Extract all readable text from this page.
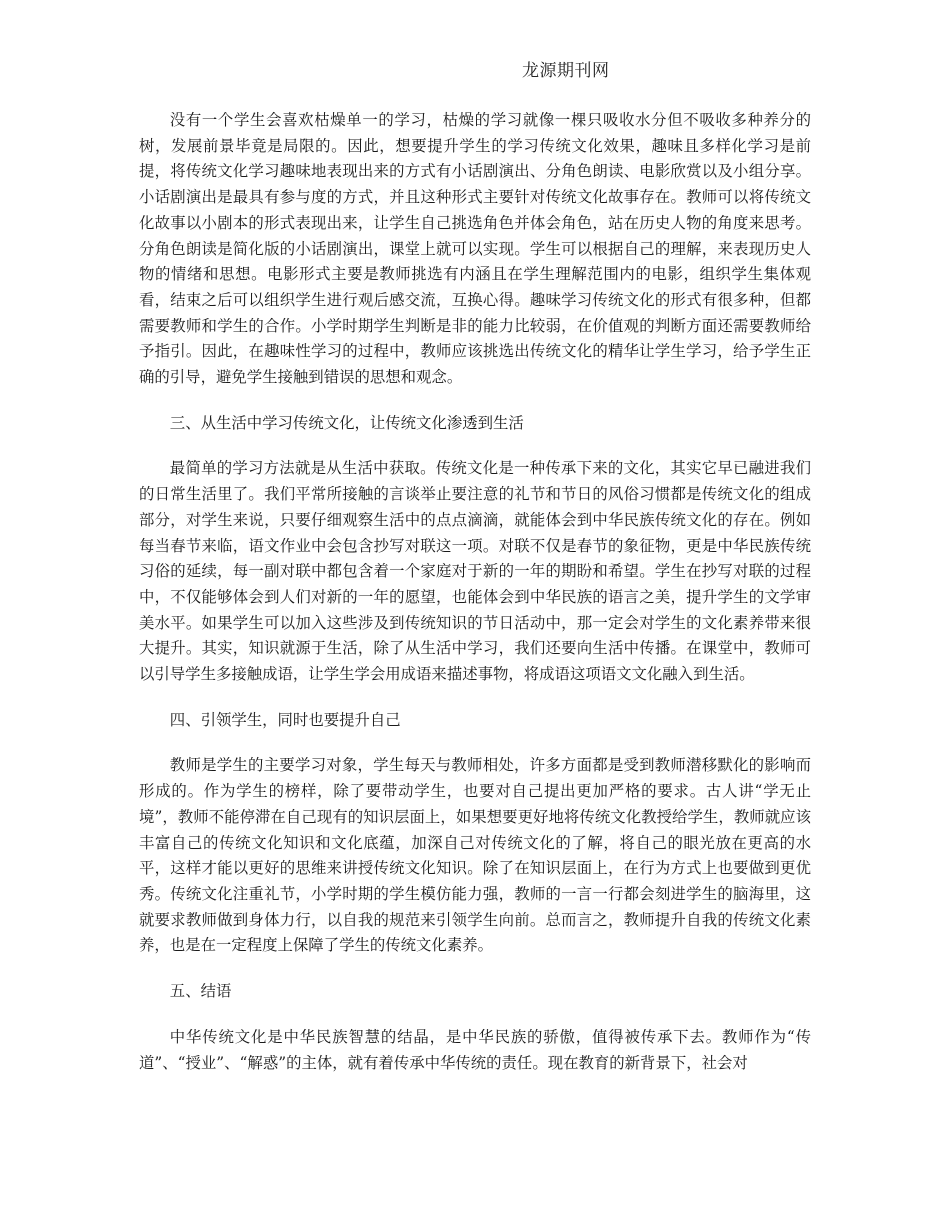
龙源期刊网

没有一个学生会喜欢枯燥单一的学习，枯燥的学习就像一棵只吸收水分但不吸收多种养分的树，发展前景毕竟是局限的。因此，想要提升学生的学习传统文化效果，趣味且多样化学习是前提，将传统文化学习趣味地表现出来的方式有小话剧演出、分角色朗读、电影欣赏以及小组分享。小话剧演出是最具有参与度的方式，并且这种形式主要针对传统文化故事存在。教师可以将传统文化故事以小剧本的形式表现出来，让学生自己挑选角色并体会角色，站在历史人物的角度来思考。分角色朗读是简化版的小话剧演出，课堂上就可以实现。学生可以根据自己的理解，来表现历史人物的情绪和思想。电影形式主要是教师挑选有内涵且在学生理解范围内的电影，组织学生集体观看，结束之后可以组织学生进行观后感交流，互换心得。趣味学习传统文化的形式有很多种，但都需要教师和学生的合作。小学时期学生判断是非的能力比较弱，在价值观的判断方面还需要教师给予指引。因此，在趣味性学习的过程中，教师应该挑选出传统文化的精华让学生学习，给予学生正确的引导，避免学生接触到错误的思想和观念。

三、从生活中学习传统文化，让传统文化渗透到生活

最简单的学习方法就是从生活中获取。传统文化是一种传承下来的文化，其实它早已融进我们的日常生活里了。我们平常所接触的言谈举止要注意的礼节和节日的风俗习惯都是传统文化的组成部分，对学生来说，只要仔细观察生活中的点点滴滴，就能体会到中华民族传统文化的存在。例如每当春节来临，语文作业中会包含抄写对联这一项。对联不仅是春节的象征物，更是中华民族传统习俗的延续，每一副对联中都包含着一个家庭对于新的一年的期盼和希望。学生在抄写对联的过程中，不仅能够体会到人们对新的一年的愿望，也能体会到中华民族的语言之美，提升学生的文学审美水平。如果学生可以加入这些涉及到传统知识的节日活动中，那一定会对学生的文化素养带来很大提升。其实，知识就源于生活，除了从生活中学习，我们还要向生活中传播。在课堂中，教师可以引导学生多接触成语，让学生学会用成语来描述事物，将成语这项语文文化融入到生活。

四、引领学生，同时也要提升自己

教师是学生的主要学习对象，学生每天与教师相处，许多方面都是受到教师潜移默化的影响而形成的。作为学生的榜样，除了要带动学生，也要对自己提出更加严格的要求。古人讲“学无止境”，教师不能停滞在自己现有的知识层面上，如果想要更好地将传统文化教授给学生，教师就应该丰富自己的传统文化知识和文化底蕴，加深自己对传统文化的了解，将自己的眼光放在更高的水平，这样才能以更好的思维来讲授传统文化知识。除了在知识层面上，在行为方式上也要做到更优秀。传统文化注重礼节，小学时期的学生模仿能力强，教师的一言一行都会刻进学生的脑海里，这就要求教师做到身体力行，以自我的规范来引领学生向前。总而言之，教师提升自我的传统文化素养，也是在一定程度上保障了学生的传统文化素养。

五、结语

中华传统文化是中华民族智慧的结晶，是中华民族的骄傲，值得被传承下去。教师作为“传道”、“授业”、“解惑”的主体，就有着传承中华传统的责任。现在教育的新背景下，社会对
